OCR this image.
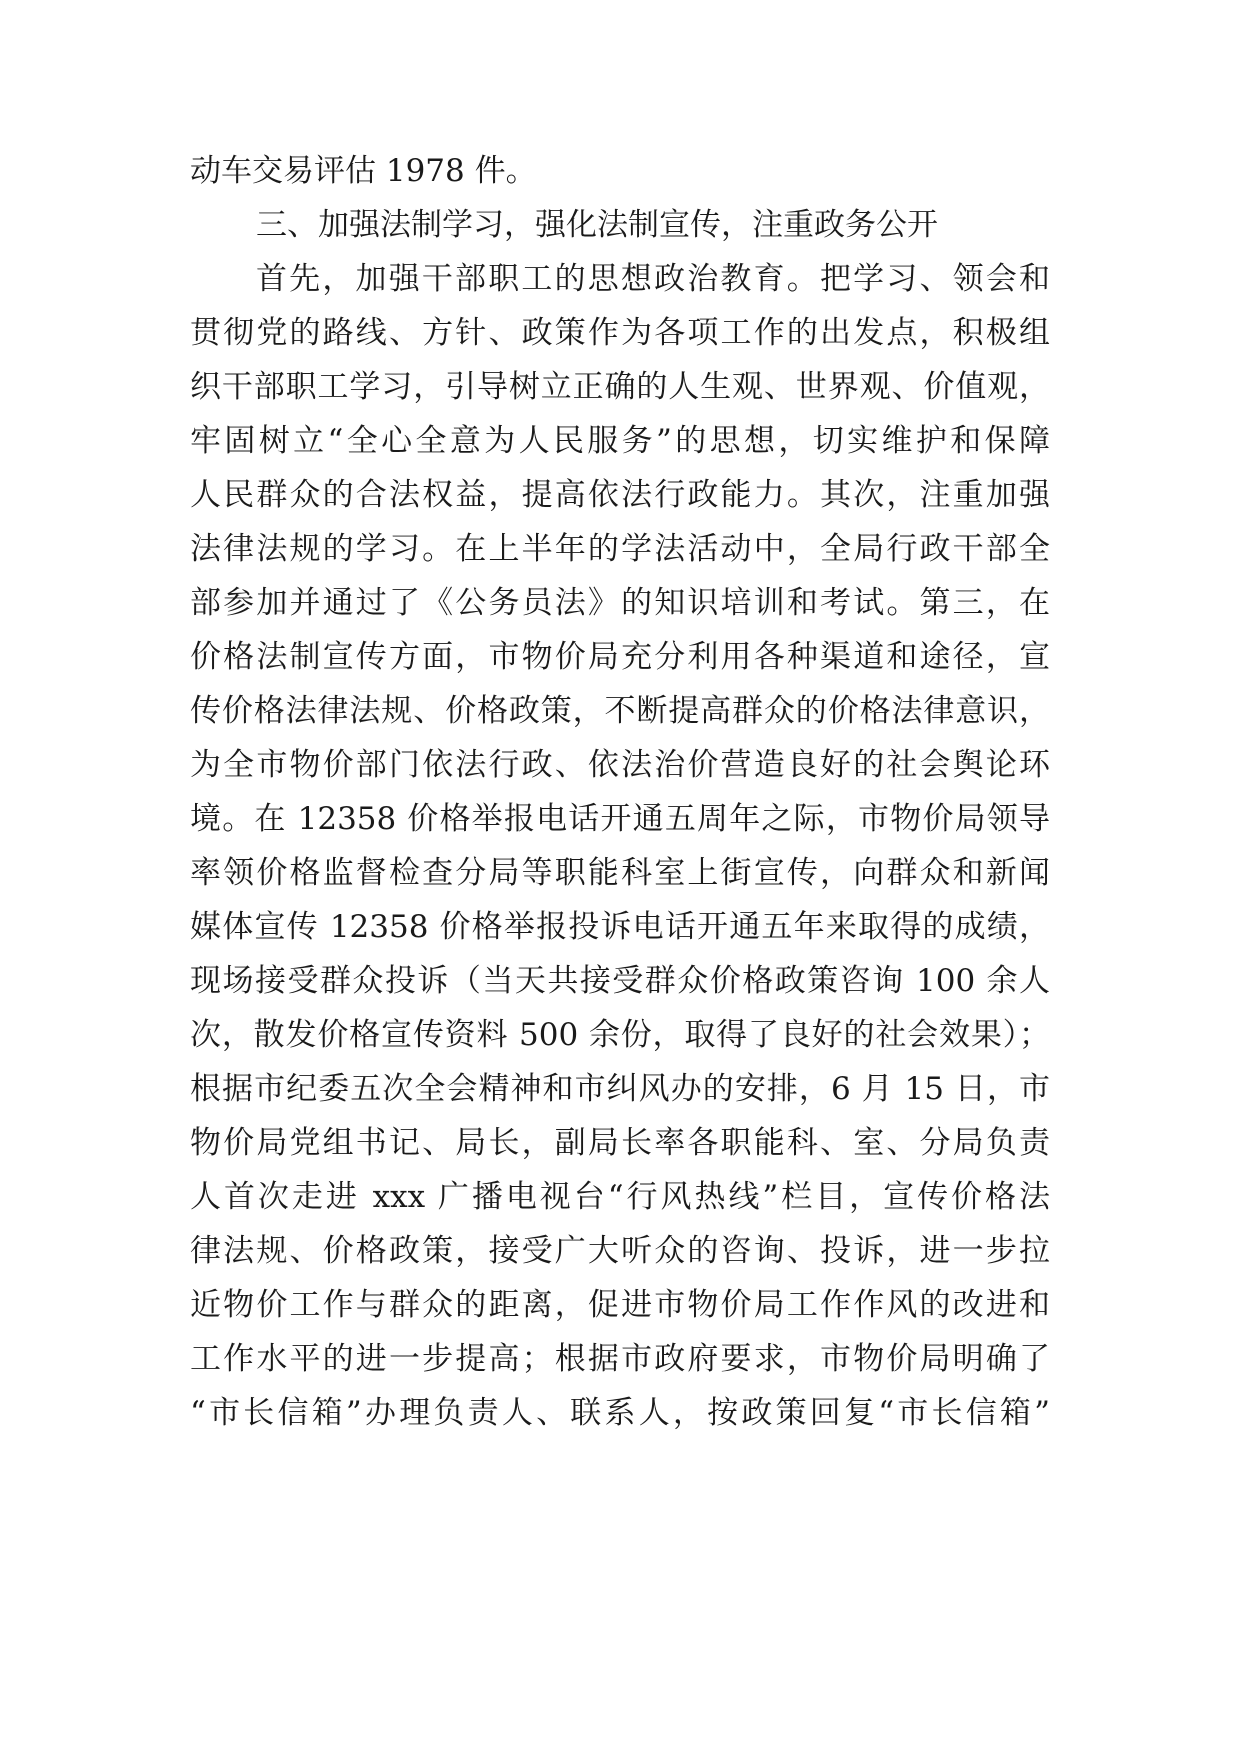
动车交易评估 1978 件。
三、加强法制学习，强化法制宣传，注重政务公开
首先，加强干部职工的思想政治教育。把学习、领会和
贯彻党的路线、方针、政策作为各项工作的出发点，积极组
织干部职工学习，引导树立正确的人生观、世界观、价值观，
牢固树立“全心全意为人民服务”的思想，切实维护和保障
人民群众的合法权益，提高依法行政能力。其次，注重加强
法律法规的学习。在上半年的学法活动中，全局行政干部全
部参加并通过了《公务员法》的知识培训和考试。第三，在
价格法制宣传方面，市物价局充分利用各种渠道和途径，宣
传价格法律法规、价格政策，不断提高群众的价格法律意识，
为全市物价部门依法行政、依法治价营造良好的社会舆论环
境。在 12358 价格举报电话开通五周年之际，市物价局领导
率领价格监督检查分局等职能科室上街宣传，向群众和新闻
媒体宣传 12358 价格举报投诉电话开通五年来取得的成绩，
现场接受群众投诉（当天共接受群众价格政策咨询 100 余人
次，散发价格宣传资料 500 余份，取得了良好的社会效果）；
根据市纪委五次全会精神和市纠风办的安排，6 月 15 日，市
物价局党组书记、局长，副局长率各职能科、室、分局负责
人首次走进 xxx 广播电视台“行风热线”栏目，宣传价格法
律法规、价格政策，接受广大听众的咨询、投诉，进一步拉
近物价工作与群众的距离，促进市物价局工作作风的改进和
工作水平的进一步提高；根据市政府要求，市物价局明确了
“市长信箱”办理负责人、联系人，按政策回复“市长信箱”
